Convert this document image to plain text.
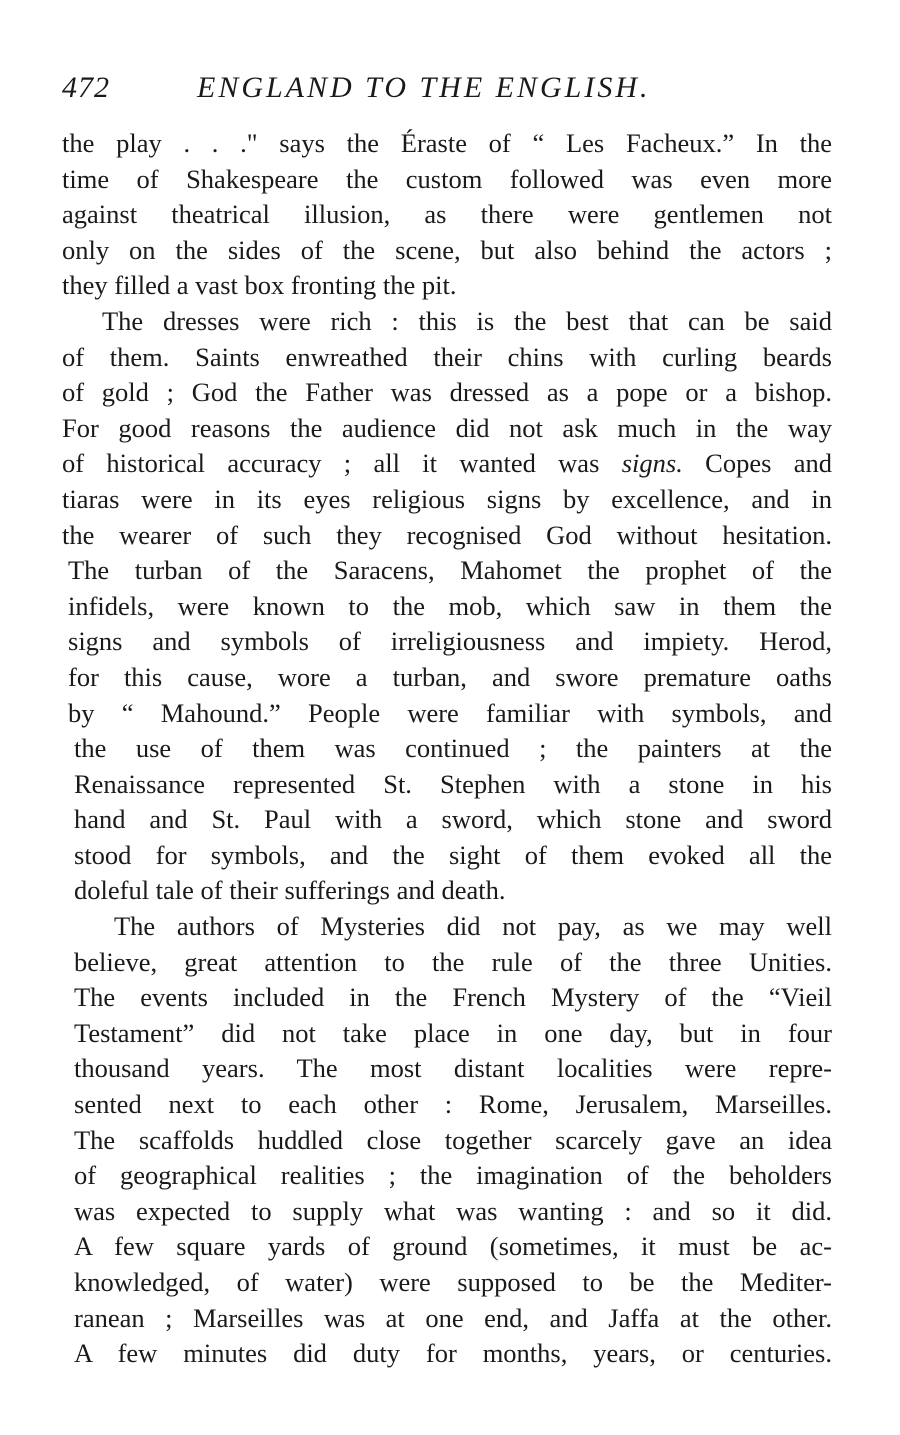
472	ENGLAND TO THE ENGLISH.
the play . . ." says the Éraste of “ Les Facheux.” In the
time of Shakespeare the custom followed was even more
against theatrical illusion, as there were gentlemen not
only on the sides of the scene, but also behind the actors ;
they filled a vast box fronting the pit.
The dresses were rich : this is the best that can be said
of them. Saints enwreathed their chins with curling beards
of gold ; God the Father was dressed as a pope or a bishop.
For good reasons the audience did not ask much in the way
of historical accuracy ; all it wanted was signs. Copes and
tiaras were in its eyes religious signs by excellence, and in
the wearer of such they recognised God without hesitation.
The turban of the Saracens, Mahomet the prophet of the
infidels, were known to the mob, which saw in them the
signs and symbols of irreligiousness and impiety. Herod,
for this cause, wore a turban, and swore premature oaths
by “ Mahound.” People were familiar with symbols, and
the use of them was continued ; the painters at the
Renaissance represented St. Stephen with a stone in his
hand and St. Paul with a sword, which stone and sword
stood for symbols, and the sight of them evoked all the
doleful tale of their sufferings and death.
The authors of Mysteries did not pay, as we may well
believe, great attention to the rule of the three Unities.
The events included in the French Mystery of the “Vieil
Testament” did not take place in one day, but in four
thousand years. The most distant localities were repre-
sented next to each other : Rome, Jerusalem, Marseilles.
The scaffolds huddled close together scarcely gave an idea
of geographical realities ; the imagination of the beholders
was expected to supply what was wanting : and so it did.
A few square yards of ground (sometimes, it must be ac-
knowledged, of water) were supposed to be the Mediter-
ranean ; Marseilles was at one end, and Jaffa at the other.
A few minutes did duty for months, years, or centuries.
